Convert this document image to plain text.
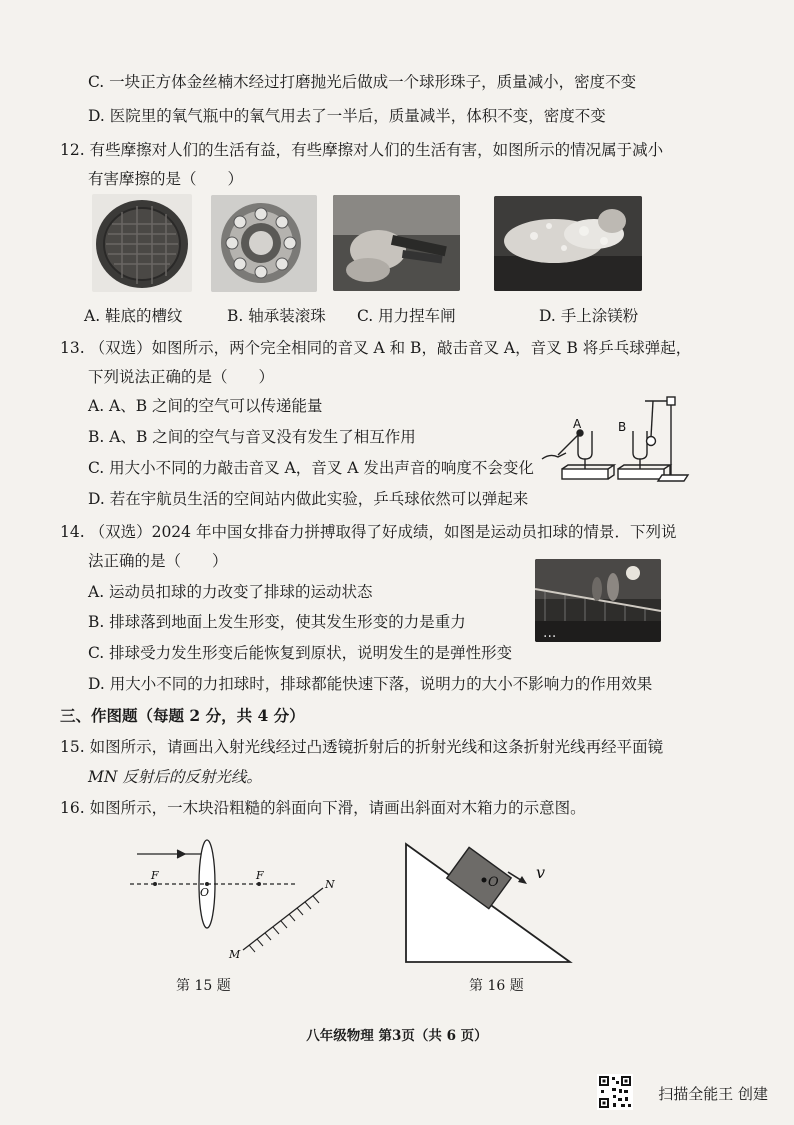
C. 一块正方体金丝楠木经过打磨抛光后做成一个球形珠子，质量减小，密度不变
D. 医院里的氧气瓶中的氧气用去了一半后，质量减半，体积不变，密度不变
12. 有些摩擦对人们的生活有益，有些摩擦对人们的生活有害，如图所示的情况属于减小
有害摩擦的是（　　）
A. 鞋底的槽纹	B. 轴承装滚珠 C. 用力捏车闸	D. 手上涂镁粉
13. （双选）如图所示，两个完全相同的音叉 A 和 B，敲击音叉 A，音叉 B 将乒乓球弹起，
下列说法正确的是（　　）
A. A、B 之间的空气可以传递能量
B. A、B 之间的空气与音叉没有发生了相互作用
C. 用大小不同的力敲击音叉 A，音叉 A 发出声音的响度不会变化
D. 若在宇航员生活的空间站内做此实验，乒乓球依然可以弹起来
A	B
14. （双选）2024 年中国女排奋力拼搏取得了好成绩，如图是运动员扣球的情景．下列说
法正确的是（　　）
A. 运动员扣球的力改变了排球的运动状态
B. 排球落到地面上发生形变，使其发生形变的力是重力
C. 排球受力发生形变后能恢复到原状，说明发生的是弹性形变
D. 用大小不同的力扣球时，排球都能快速下落，说明力的大小不影响力的作用效果
...
三、作图题（每题 2 分，共 4 分）
15. 如图所示，请画出入射光线经过凸透镜折射后的折射光线和这条折射光线再经平面镜
MN 反射后的反射光线。
16. 如图所示，一木块沿粗糙的斜面向下滑，请画出斜面对木箱力的示意图。
F
O
F
N
M
第 15 题
O
v
第 16 题
八年级物理 第3页（共 6 页）
扫描全能王 创建
